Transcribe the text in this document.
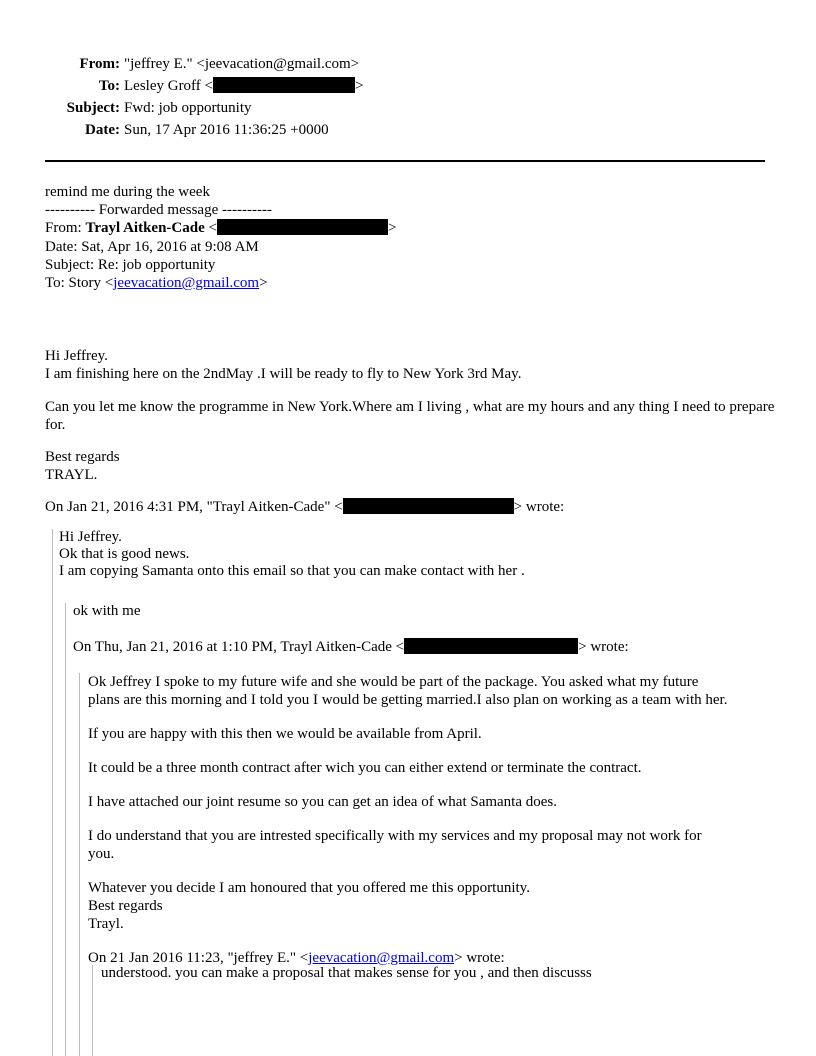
From: "jeffrey E." <jeevacation@gmail.com>
To: Lesley Groff <	>
Subject: Fwd: job opportunity
Date: Sun, 17 Apr 2016 11:36:25 +0000
remind me during the week
---------- Forwarded message ----------
From: Trayl Aitken-Cade <	>
Date: Sat, Apr 16, 2016 at 9:08 AM
Subject: Re: job opportunity
To: Story <jeevacation@gmail.com>
Hi Jeffrey.
I am finishing here on the 2ndMay .I will be ready to fly to New York 3rd May.

Can you let me know the programme in New York.Where am I living , what are my hours and any thing I need to prepare for.

Best regards
TRAYL.
On Jan 21, 2016 4:31 PM, "Trayl Aitken-Cade" <	> wrote:
Hi Jeffrey.
Ok that is good news.
I am copying Samanta onto this email so that you can make contact with her .
ok with me
On Thu, Jan 21, 2016 at 1:10 PM, Trayl Aitken-Cade <	> wrote:
Ok Jeffrey I spoke to my future wife and she would be part of the package. You asked what my future
plans are this morning and I told you I would be getting married.I also plan on working as a team with her.
If you are happy with this then we would be available from April.
It could be a three month contract after wich you can either extend or terminate the contract.
I have attached our joint resume so you can get an idea of what Samanta does.
I do understand that you are intrested specifically with my services and my proposal may not work for
you.
Whatever you decide I am honoured that you offered me this opportunity.
Best regards
Trayl.
On 21 Jan 2016 11:23, "jeffrey E." <jeevacation@gmail.com> wrote:
understood. you can make a proposal that makes sense for you , and then discusss
